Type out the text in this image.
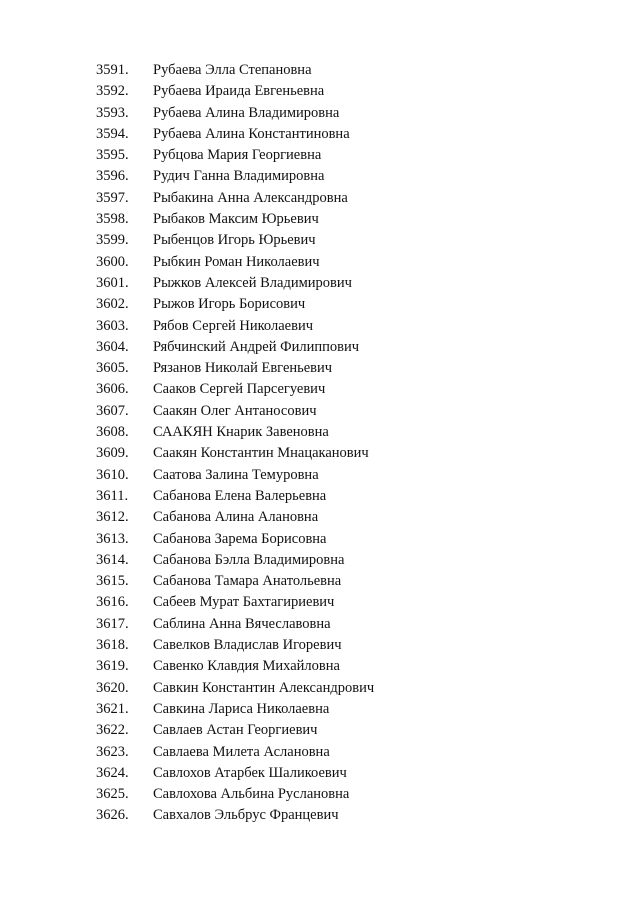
3591. Рубаева Элла Степановна
3592. Рубаева Ираида Евгеньевна
3593. Рубаева Алина Владимировна
3594. Рубаева Алина Константиновна
3595. Рубцова Мария Георгиевна
3596. Рудич Ганна Владимировна
3597. Рыбакина Анна Александровна
3598. Рыбаков Максим Юрьевич
3599. Рыбенцов Игорь Юрьевич
3600. Рыбкин Роман Николаевич
3601. Рыжков Алексей Владимирович
3602. Рыжов Игорь Борисович
3603. Рябов Сергей Николаевич
3604. Рябчинский Андрей Филиппович
3605. Рязанов Николай Евгеньевич
3606. Сааков Сергей Парсегуевич
3607. Саакян Олег Антаносович
3608. СААКЯН Кнарик Завеновна
3609. Саакян Константин Мнацаканович
3610. Саатова Залина Темуровна
3611. Сабанова Елена Валерьевна
3612. Сабанова Алина Алановна
3613. Сабанова Зарема Борисовна
3614. Сабанова Бэлла Владимировна
3615. Сабанова Тамара Анатольевна
3616. Сабеев Мурат Бахтагириевич
3617. Саблина Анна Вячеславовна
3618. Савелков Владислав Игоревич
3619. Савенко Клавдия Михайловна
3620. Савкин Константин Александрович
3621. Савкина Лариса Николаевна
3622. Савлаев Астан Георгиевич
3623. Савлаева Милета Аслановна
3624. Савлохов Атарбек Шаликоевич
3625. Савлохова Альбина Руслановна
3626. Савхалов Эльбрус Францевич
